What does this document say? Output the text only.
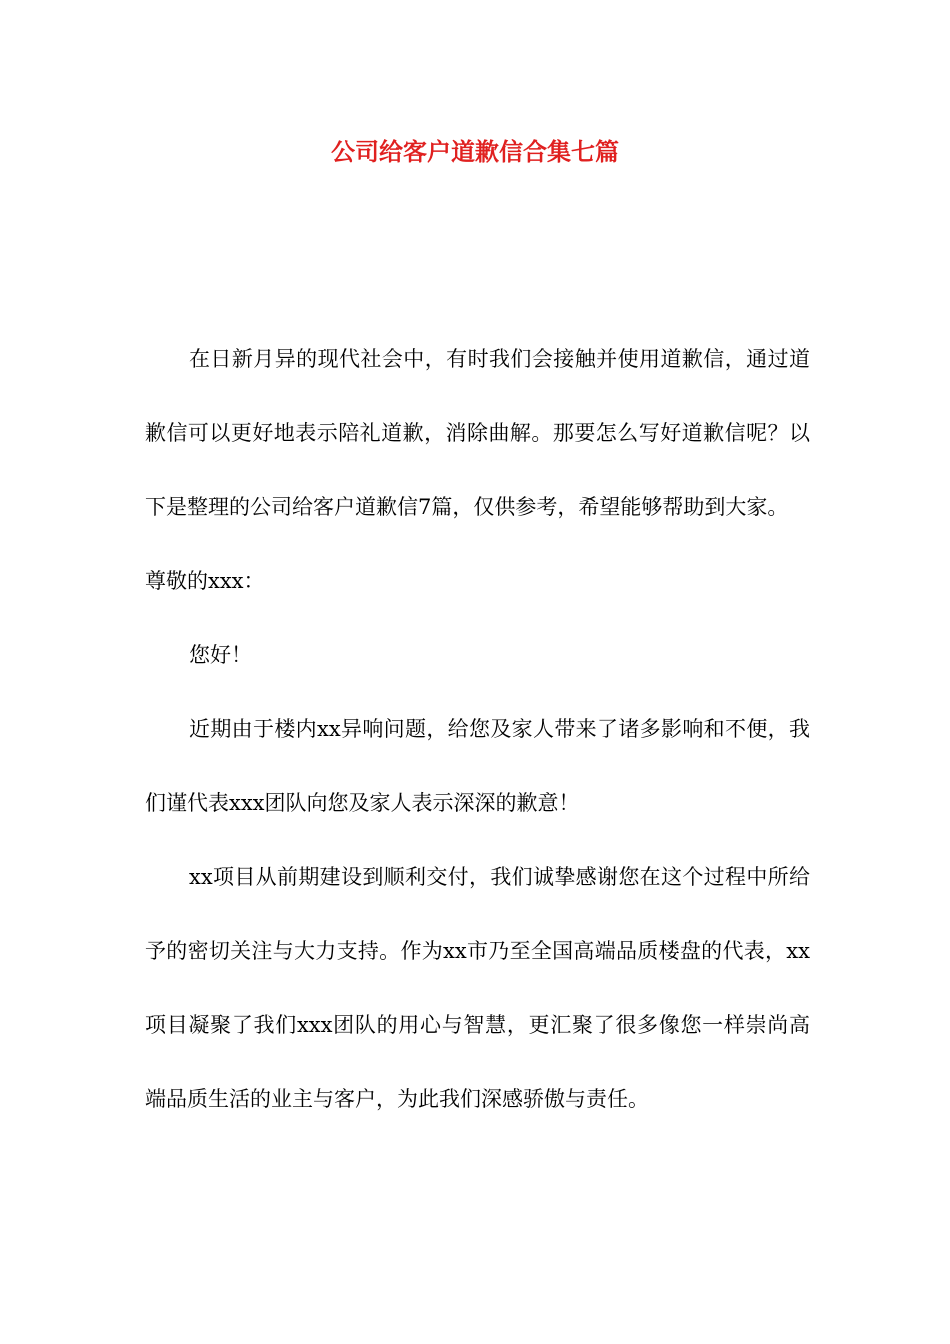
公司给客户道歉信合集七篇

在日新月异的现代社会中，有时我们会接触并使用道歉信，通过道歉信可以更好地表示陪礼道歉，消除曲解。那要怎么写好道歉信呢？以下是整理的公司给客户道歉信7篇，仅供参考，希望能够帮助到大家。

尊敬的xxx：

您好！

近期由于楼内xx异响问题，给您及家人带来了诸多影响和不便，我们谨代表xxx团队向您及家人表示深深的歉意！

xx项目从前期建设到顺利交付，我们诚挚感谢您在这个过程中所给予的密切关注与大力支持。作为xx市乃至全国高端品质楼盘的代表，xx项目凝聚了我们xxx团队的用心与智慧，更汇聚了很多像您一样崇尚高端品质生活的业主与客户，为此我们深感骄傲与责任。
